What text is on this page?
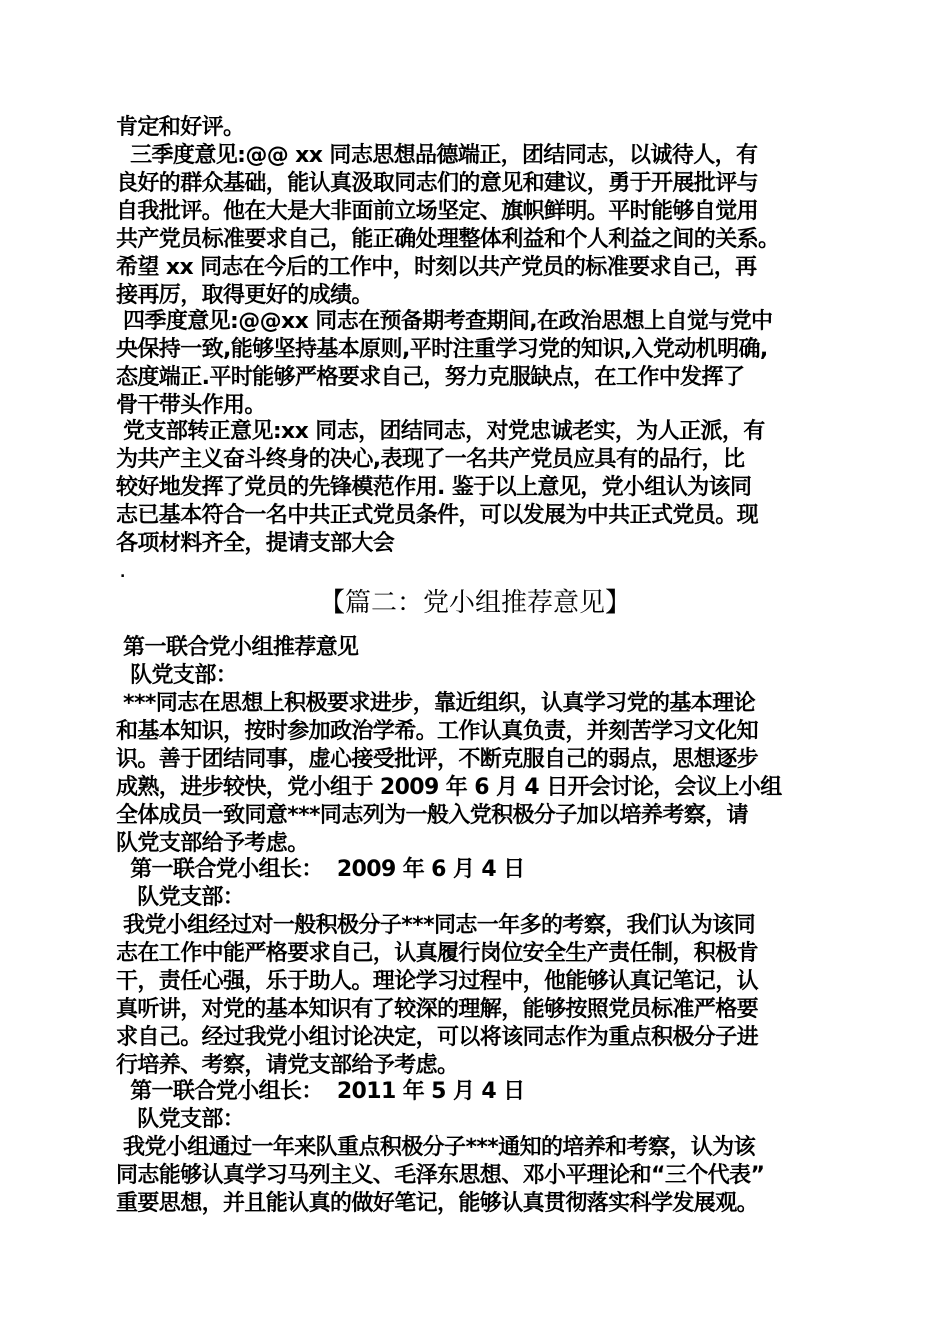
肯定和好评。
三季度意见:@@ xx 同志思想品德端正，团结同志，以诚待人，有
良好的群众基础，能认真汲取同志们的意见和建议，勇于开展批评与
自我批评。他在大是大非面前立场坚定、旗帜鲜明。平时能够自觉用
共产党员标准要求自己，能正确处理整体利益和个人利益之间的关系。
希望 xx 同志在今后的工作中，时刻以共产党员的标准要求自己，再
接再厉，取得更好的成绩。
四季度意见:@@xx 同志在预备期考查期间,在政治思想上自觉与党中
央保持一致,能够坚持基本原则,平时注重学习党的知识,入党动机明确,
态度端正.平时能够严格要求自己，努力克服缺点，在工作中发挥了
骨干带头作用。
党支部转正意见:xx 同志，团结同志，对党忠诚老实，为人正派，有
为共产主义奋斗终身的决心,表现了一名共产党员应具有的品行，比
较好地发挥了党员的先锋模范作用. 鉴于以上意见，党小组认为该同
志已基本符合一名中共正式党员条件，可以发展为中共正式党员。现
各项材料齐全，提请支部大会
.
【篇二：党小组推荐意见】
第一联合党小组推荐意见
队党支部：
***同志在思想上积极要求进步，靠近组织，认真学习党的基本理论
和基本知识，按时参加政治学希。工作认真负责，并刻苦学习文化知
识。善于团结同事，虚心接受批评，不断克服自己的弱点，思想逐步
成熟，进步较快，党小组于 2009 年 6 月 4 日开会讨论，会议上小组
全体成员一致同意***同志列为一般入党积极分子加以培养考察，请
队党支部给予考虑。
第一联合党小组长：  2009 年 6 月 4 日
队党支部：
我党小组经过对一般积极分子***同志一年多的考察，我们认为该同
志在工作中能严格要求自己，认真履行岗位安全生产责任制，积极肯
干，责任心强，乐于助人。理论学习过程中，他能够认真记笔记，认
真听讲，对党的基本知识有了较深的理解，能够按照党员标准严格要
求自己。经过我党小组讨论决定，可以将该同志作为重点积极分子进
行培养、考察，请党支部给予考虑。
第一联合党小组长：  2011 年 5 月 4 日
队党支部：
我党小组通过一年来队重点积极分子***通知的培养和考察，认为该
同志能够认真学习马列主义、毛泽东思想、邓小平理论和“三个代表”
重要思想，并且能认真的做好笔记，能够认真贯彻落实科学发展观。
